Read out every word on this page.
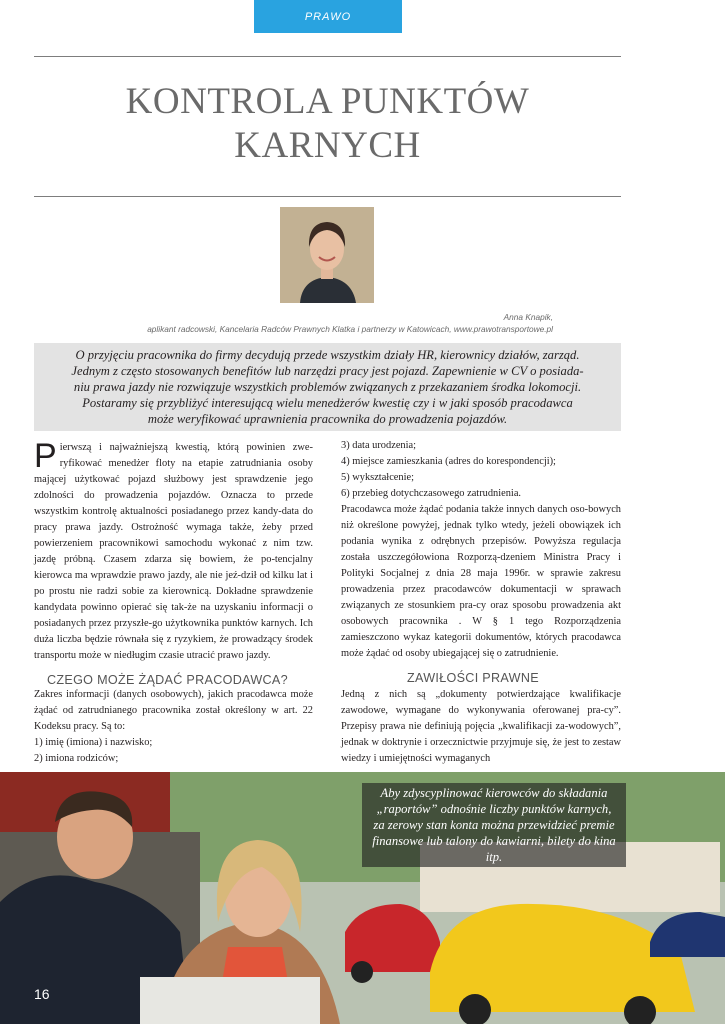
PRAWO
KONTROLA PUNKTÓW
KARNYCH
Anna Knapik,
aplikant radcowski, Kancelaria Radców Prawnych Klatka i partnerzy w Katowicach, www.prawotransportowe.pl
O przyjęciu pracownika do firmy decydują przede wszystkim działy HR, kierownicy działów, zarząd.
Jednym z często stosowanych benefitów lub narzędzi pracy jest pojazd. Zapewnienie w CV o posiada-
niu prawa jazdy nie rozwiązuje wszystkich problemów związanych z przekazaniem środka lokomocji.
Postaramy się przybliżyć interesującą wielu menedżerów kwestię czy i w jaki sposób pracodawca
może weryfikować uprawnienia pracownika do prowadzenia pojazdów.

Pierwszą i najważniejszą kwestią, którą powinien zwe-ryfikować menedżer floty na etapie zatrudniania osoby mającej użytkować pojazd służbowy jest sprawdzenie jego zdolności do prowadzenia pojazdów. Oznacza to przede wszystkim kontrolę aktualności posiadanego przez kandy-data do pracy prawa jazdy. Ostrożność wymaga także, żeby przed powierzeniem pracownikowi samochodu wykonać z nim tzw. jazdę próbną. Czasem zdarza się bowiem, że po-tencjalny kierowca ma wprawdzie prawo jazdy, ale nie jeź-dził od kilku lat i po prostu nie radzi sobie za kierownicą. Dokładne sprawdzenie kandydata powinno opierać się tak-że na uzyskaniu informacji o posiadanych przez przyszłe-go użytkownika punktów karnych. Ich duża liczba będzie równała się z ryzykiem, że prowadzący środek transportu może w niedługim czasie utracić prawo jazdy.

CZEGO MOŻE ŻĄDAĆ PRACODAWCA?

Zakres informacji (danych osobowych), jakich pracodawca może żądać od zatrudnianego pracownika został określony w art. 22 Kodeksu pracy. Są to:

1) imię (imiona) i nazwisko;

2) imiona rodziców;

3) data urodzenia;

4) miejsce zamieszkania (adres do korespondencji);

5) wykształcenie;

6) przebieg dotychczasowego zatrudnienia.

Pracodawca może żądać podania także innych danych oso-bowych niż określone powyżej, jednak tylko wtedy, jeżeli obowiązek ich podania wynika z odrębnych przepisów. Powyższa regulacja została uszczegółowiona Rozporzą-dzeniem Ministra Pracy i Polityki Socjalnej z dnia 28 maja 1996r. w sprawie zakresu prowadzenia przez pracodawców dokumentacji w sprawach związanych ze stosunkiem pra-cy oraz sposobu prowadzenia akt osobowych pracownika . W § 1 tego Rozporządzenia zamieszczono wykaz kategorii dokumentów, których pracodawca może żądać od osoby ubiegającej się o zatrudnienie.

ZAWIŁOŚCI PRAWNE

Jedną z nich są „dokumenty potwierdzające kwalifikacje zawodowe, wymagane do wykonywania oferowanej pra-cy”. Przepisy prawa nie definiują pojęcia „kwalifikacji za-wodowych”, jednak w doktrynie i orzecznictwie przyjmuje się, że jest to zestaw wiedzy i umiejętności wymaganych

Aby zdyscyplinować kierowców do składania
„raportów” odnośnie liczby punktów karnych,
za zerowy stan konta można przewidzieć premie
finansowe lub talony do kawiarni, bilety do kina itp.
16
